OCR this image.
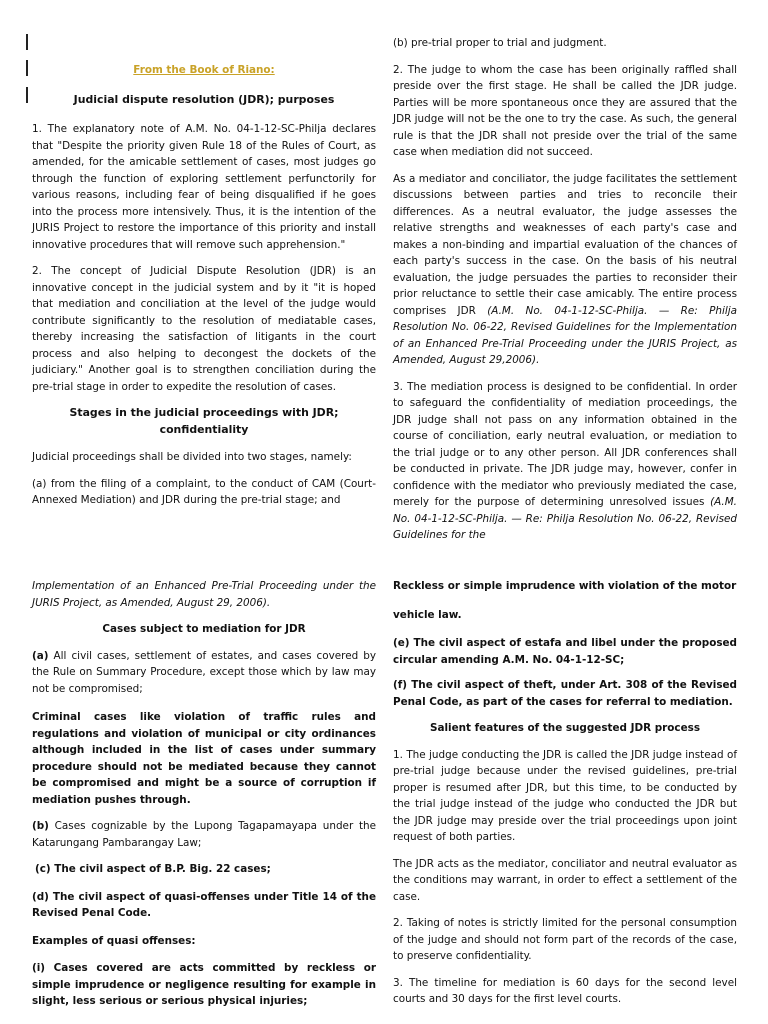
From the Book of Riano:

Judicial dispute resolution (JDR); purposes

1. The explanatory note of A.M. No. 04-1-12-SC-Philja declares that "Despite the priority given Rule 18 of the Rules of Court, as amended, for the amicable settlement of cases, most judges go through the function of exploring settlement perfunctorily for various reasons, including fear of being disqualified if he goes into the process more intensively. Thus, it is the intention of the JURIS Project to restore the importance of this priority and install innovative procedures that will remove such apprehension."

2. The concept of Judicial Dispute Resolution (JDR) is an innovative concept in the judicial system and by it "it is hoped that mediation and conciliation at the level of the judge would contribute significantly to the resolution of mediatable cases, thereby increasing the satisfaction of litigants in the court process and also helping to decongest the dockets of the judiciary." Another goal is to strengthen conciliation during the pre-trial stage in order to expedite the resolution of cases.

Stages in the judicial proceedings with JDR; confidentiality

Judicial proceedings shall be divided into two stages, namely:

(a) from the filing of a complaint, to the conduct of CAM (Court-Annexed Mediation) and JDR during the pre-trial stage; and

(b) pre-trial proper to trial and judgment.

2. The judge to whom the case has been originally raffled shall preside over the first stage. He shall be called the JDR judge. Parties will be more spontaneous once they are assured that the JDR judge will not be the one to try the case. As such, the general rule is that the JDR shall not preside over the trial of the same case when mediation did not succeed.

As a mediator and conciliator, the judge facilitates the settlement discussions between parties and tries to reconcile their differences. As a neutral evaluator, the judge assesses the relative strengths and weaknesses of each party's case and makes a non-binding and impartial evaluation of the chances of each party's success in the case. On the basis of his neutral evaluation, the judge persuades the parties to reconsider their prior reluctance to settle their case amicably. The entire process comprises JDR (A.M. No. 04-1-12-SC-Philja. — Re: Philja Resolution No. 06-22, Revised Guidelines for the Implementation of an Enhanced Pre-Trial Proceeding under the JURIS Project, as Amended, August 29,2006).

3. The mediation process is designed to be confidential. In order to safeguard the confidentiality of mediation proceedings, the JDR judge shall not pass on any information obtained in the course of conciliation, early neutral evaluation, or mediation to the trial judge or to any other person. All JDR conferences shall be conducted in private. The JDR judge may, however, confer in confidence with the mediator who previously mediated the case, merely for the purpose of determining unresolved issues (A.M. No. 04-1-12-SC-Philja. — Re: Philja Resolution No. 06-22, Revised Guidelines for the

Implementation of an Enhanced Pre-Trial Proceeding under the JURIS Project, as Amended, August 29, 2006).

Cases subject to mediation for JDR

(a) All civil cases, settlement of estates, and cases covered by the Rule on Summary Procedure, except those which by law may not be compromised;

Criminal cases like violation of traffic rules and regulations and violation of municipal or city ordinances although included in the list of cases under summary procedure should not be mediated because they cannot be compromised and might be a source of corruption if mediation pushes through.

(b) Cases cognizable by the Lupong Tagapamayapa under the Katarungang Pambarangay Law;

(c) The civil aspect of B.P. Big. 22 cases;

(d) The civil aspect of quasi-offenses under Title 14 of the Revised Penal Code.

Examples of quasi offenses:

(i) Cases covered are acts committed by reckless or simple imprudence or negligence resulting for example in slight, less serious or serious physical injuries;

Reckless or simple imprudence with violation of the motor

vehicle law.

(e) The civil aspect of estafa and libel under the proposed circular amending A.M. No. 04-1-12-SC;

(f) The civil aspect of theft, under Art. 308 of the Revised Penal Code, as part of the cases for referral to mediation.

Salient features of the suggested JDR process

1. The judge conducting the JDR is called the JDR judge instead of pre-trial judge because under the revised guidelines, pre-trial proper is resumed after JDR, but this time, to be conducted by the trial judge instead of the judge who conducted the JDR but the JDR judge may preside over the trial proceedings upon joint request of both parties.

The JDR acts as the mediator, conciliator and neutral evaluator as the conditions may warrant, in order to effect a settlement of the case.

2. Taking of notes is strictly limited for the personal consumption of the judge and should not form part of the records of the case, to preserve confidentiality.

3. The timeline for mediation is 60 days for the second level courts and 30 days for the first level courts.
